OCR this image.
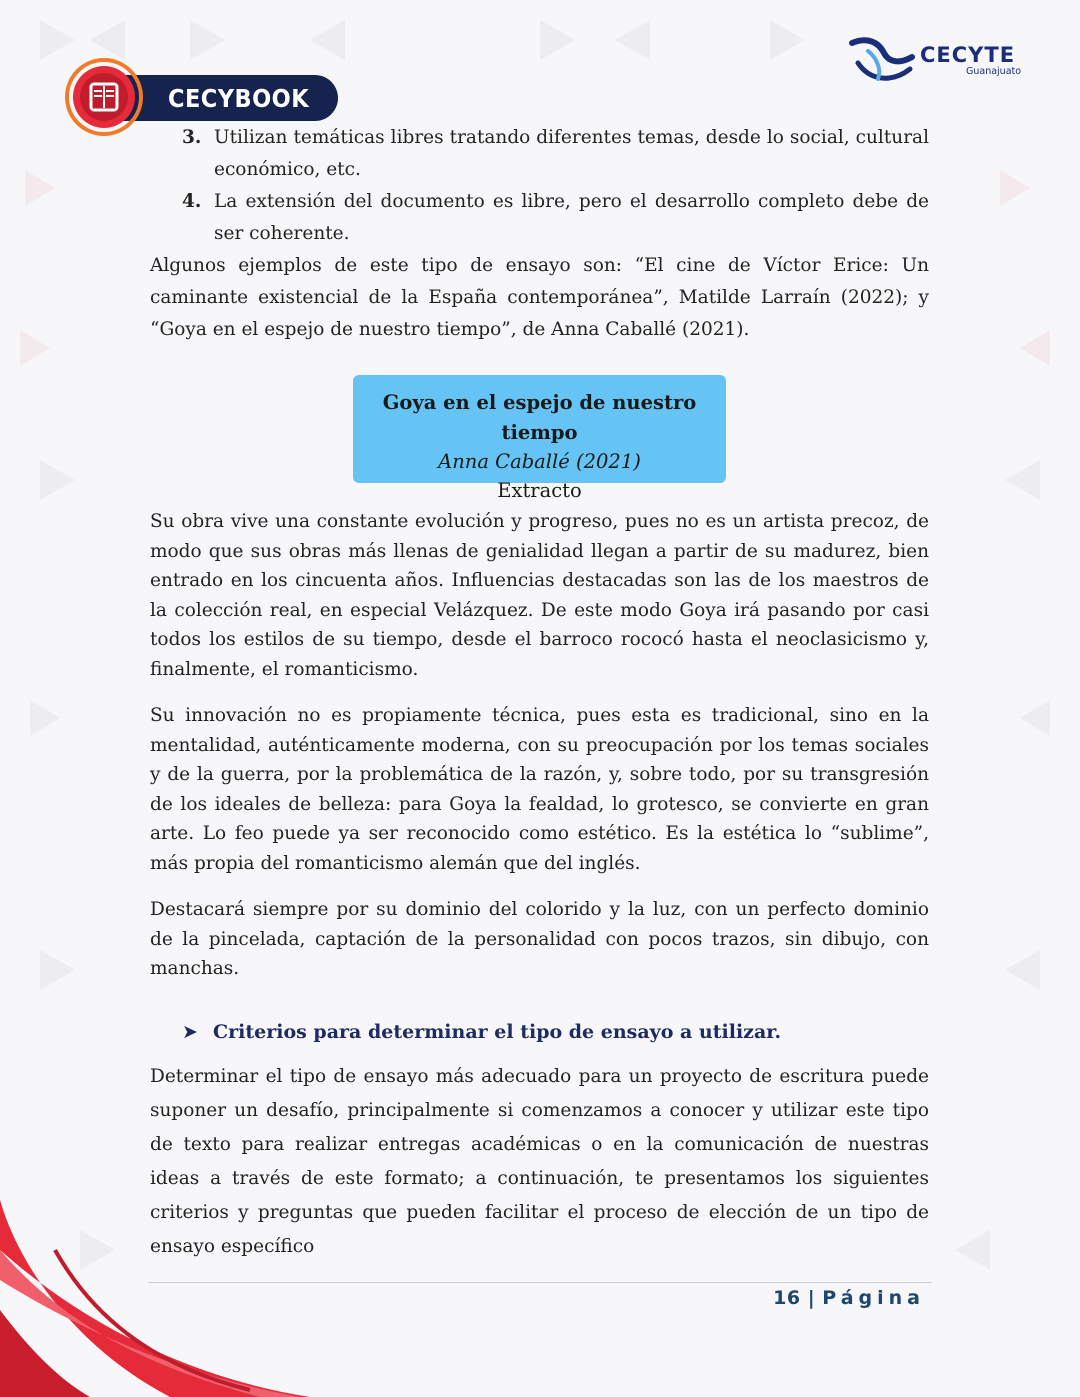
CECYBOOK
CECYTE
Guanajuato
3. Utilizan temáticas libres tratando diferentes temas, desde lo social, cultural económico, etc.
4. La extensión del documento es libre, pero el desarrollo completo debe de ser coherente.

Algunos ejemplos de este tipo de ensayo son: “El cine de Víctor Erice: Un caminante existencial de la España contemporánea”, Matilde Larraín (2022); y “Goya en el espejo de nuestro tiempo”, de Anna Caballé (2021).

Goya en el espejo de nuestro tiempo
Anna Caballé (2021)
Extracto

Su obra vive una constante evolución y progreso, pues no es un artista precoz, de modo que sus obras más llenas de genialidad llegan a partir de su madurez, bien entrado en los cincuenta años. Influencias destacadas son las de los maestros de la colección real, en especial Velázquez. De este modo Goya irá pasando por casi todos los estilos de su tiempo, desde el barroco rococó hasta el neoclasicismo y, finalmente, el romanticismo.

Su innovación no es propiamente técnica, pues esta es tradicional, sino en la mentalidad, auténticamente moderna, con su preocupación por los temas sociales y de la guerra, por la problemática de la razón, y, sobre todo, por su transgresión de los ideales de belleza: para Goya la fealdad, lo grotesco, se convierte en gran arte. Lo feo puede ya ser reconocido como estético. Es la estética lo “sublime”, más propia del romanticismo alemán que del inglés.

Destacará siempre por su dominio del colorido y la luz, con un perfecto dominio de la pincelada, captación de la personalidad con pocos trazos, sin dibujo, con manchas.

➤ Criterios para determinar el tipo de ensayo a utilizar.

Determinar el tipo de ensayo más adecuado para un proyecto de escritura puede suponer un desafío, principalmente si comenzamos a conocer y utilizar este tipo de texto para realizar entregas académicas o en la comunicación de nuestras ideas a través de este formato; a continuación, te presentamos los siguientes criterios y preguntas que pueden facilitar el proceso de elección de un tipo de ensayo específico

16 | Página
